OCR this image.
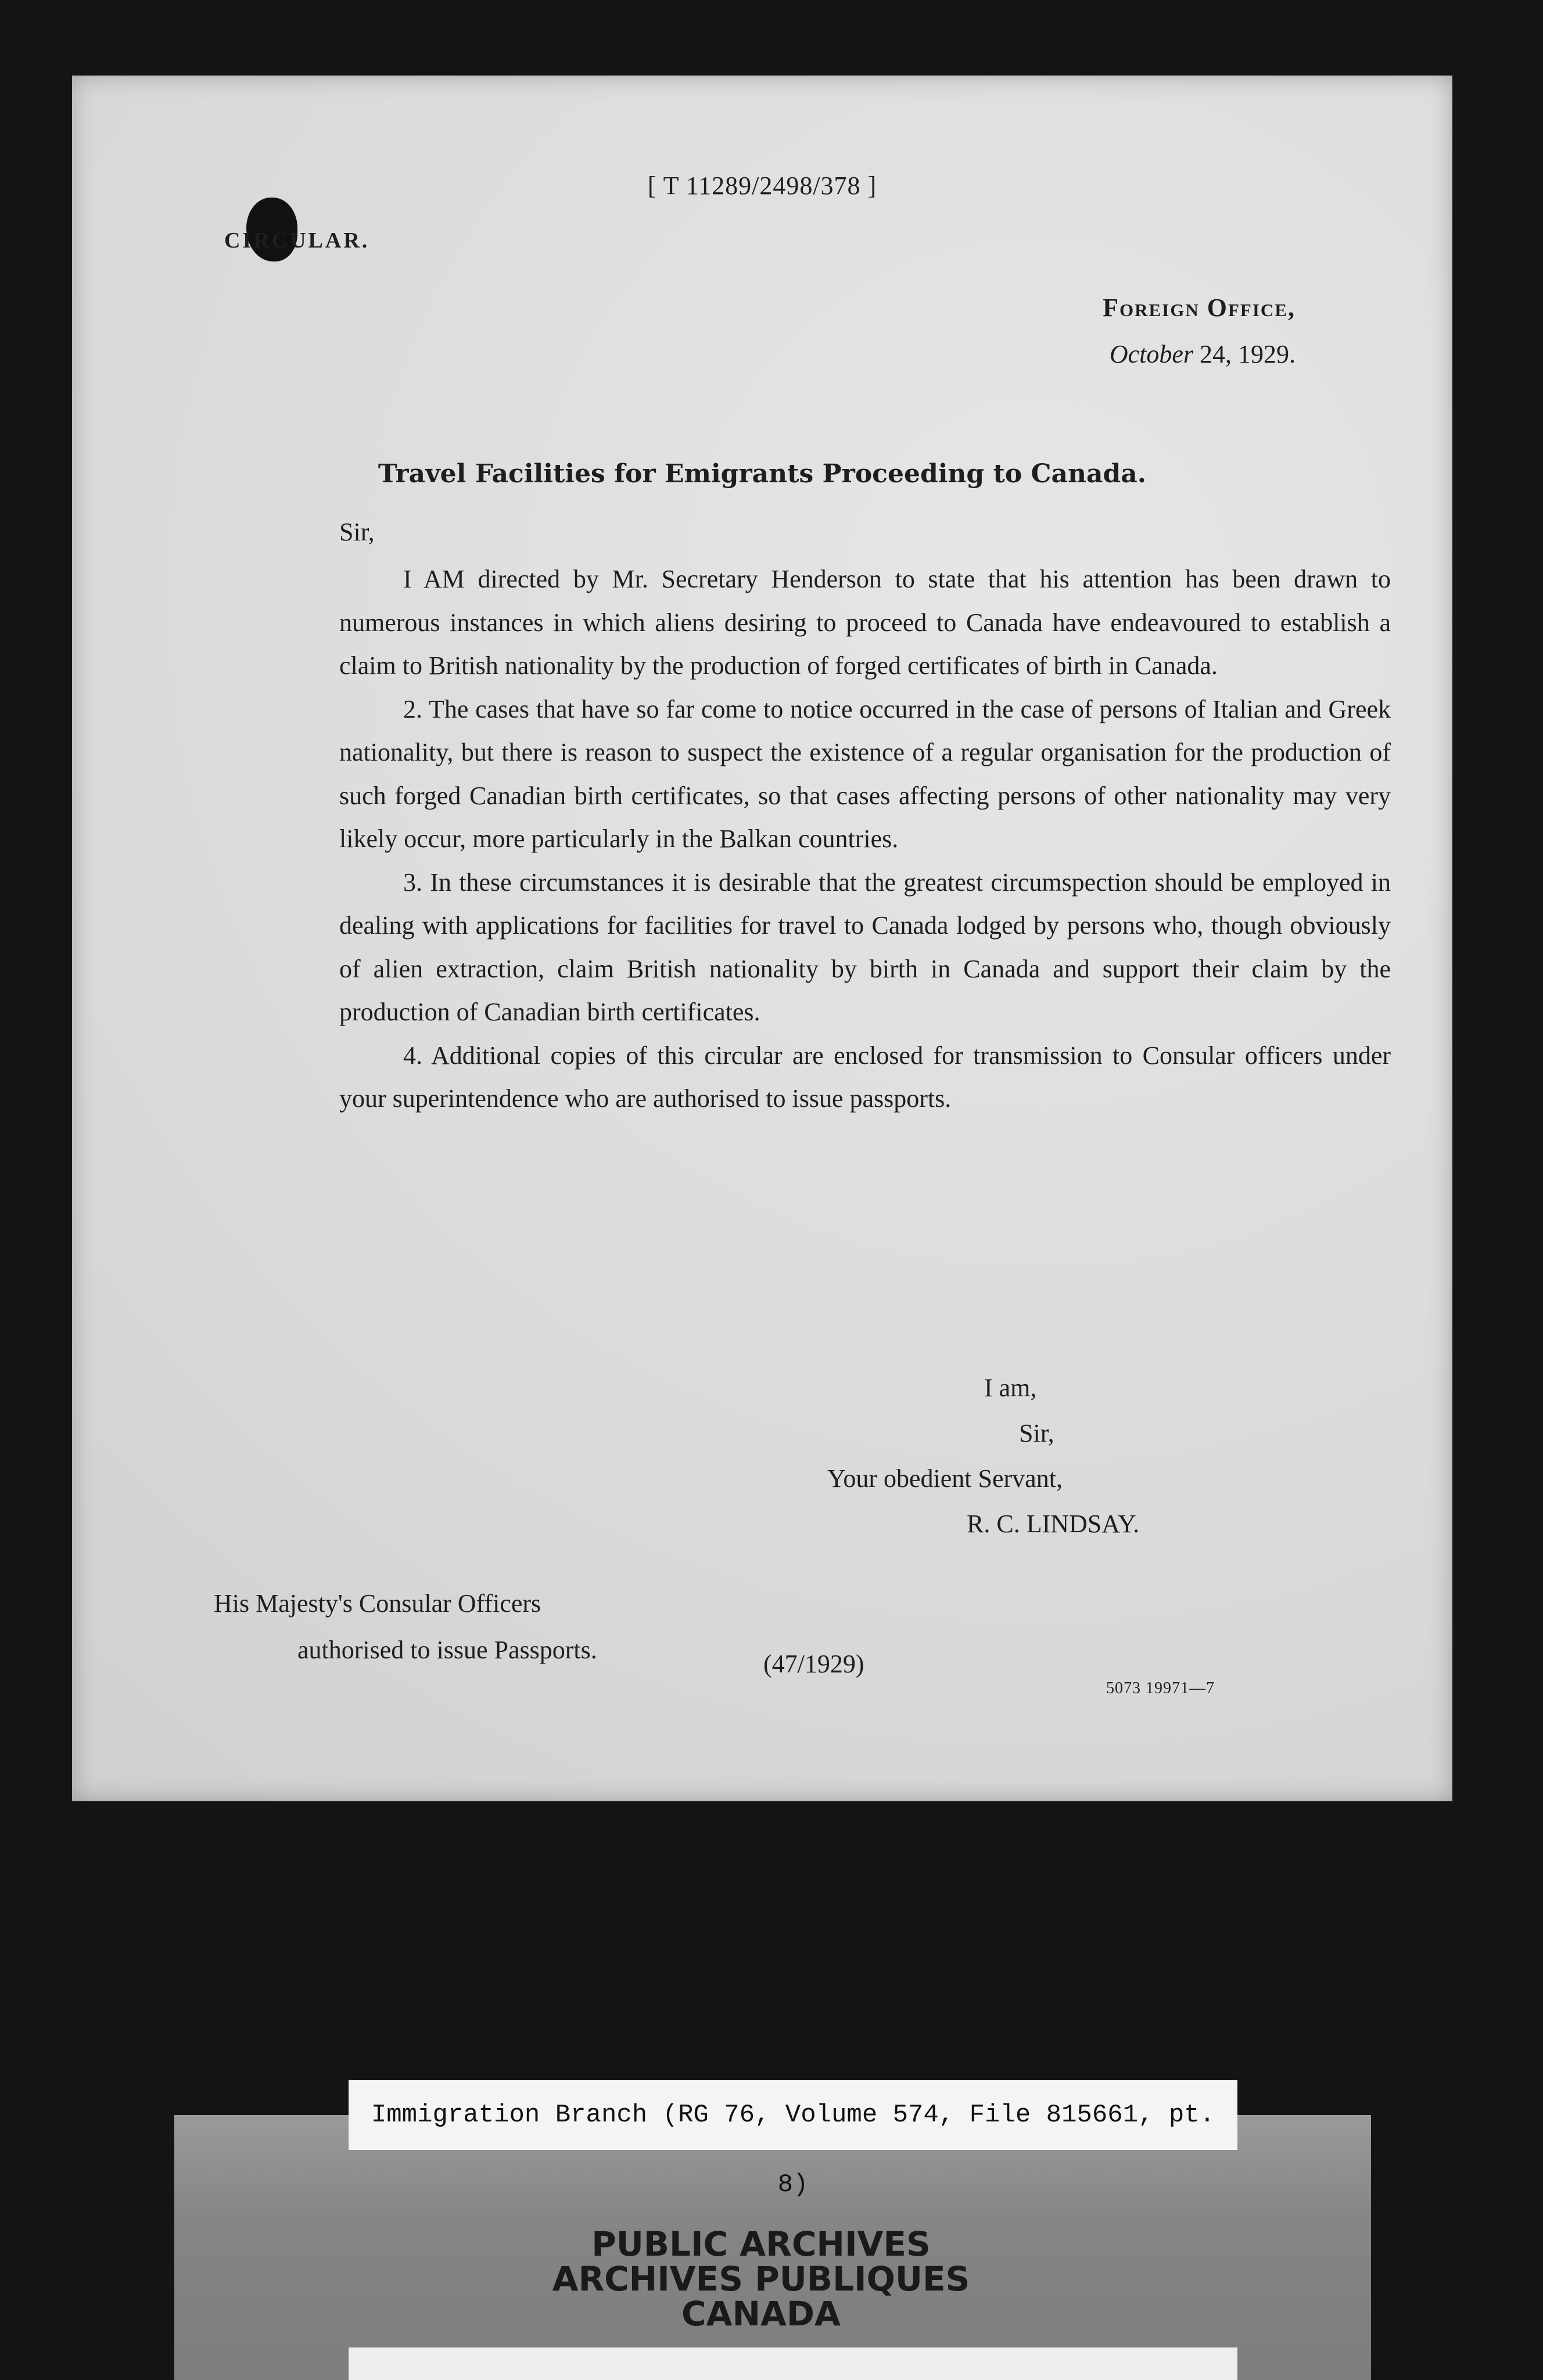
[ T 11289/2498/378 ]
CIRCULAR.
Foreign Office,
October 24, 1929.
Travel Facilities for Emigrants Proceeding to Canada.
Sir,

I AM directed by Mr. Secretary Henderson to state that his attention has been drawn to numerous instances in which aliens desiring to proceed to Canada have endeavoured to establish a claim to British nationality by the production of forged certificates of birth in Canada.

2. The cases that have so far come to notice occurred in the case of persons of Italian and Greek nationality, but there is reason to suspect the existence of a regular organisation for the production of such forged Canadian birth certificates, so that cases affecting persons of other nationality may very likely occur, more particularly in the Balkan countries.

3. In these circumstances it is desirable that the greatest circumspection should be employed in dealing with applications for facilities for travel to Canada lodged by persons who, though obviously of alien extraction, claim British nationality by birth in Canada and support their claim by the production of Canadian birth certificates.

4. Additional copies of this circular are enclosed for transmission to Consular officers under your superintendence who are authorised to issue passports.

I am,
Sir,
Your obedient Servant,
R. C. LINDSAY.
His Majesty's Consular Officers
authorised to issue Passports.	(47/1929)
5073 19971—7
Immigration Branch (RG 76, Volume 574, File 815661, pt. 8)
PUBLIC ARCHIVES
ARCHIVES PUBLIQUES
CANADA
